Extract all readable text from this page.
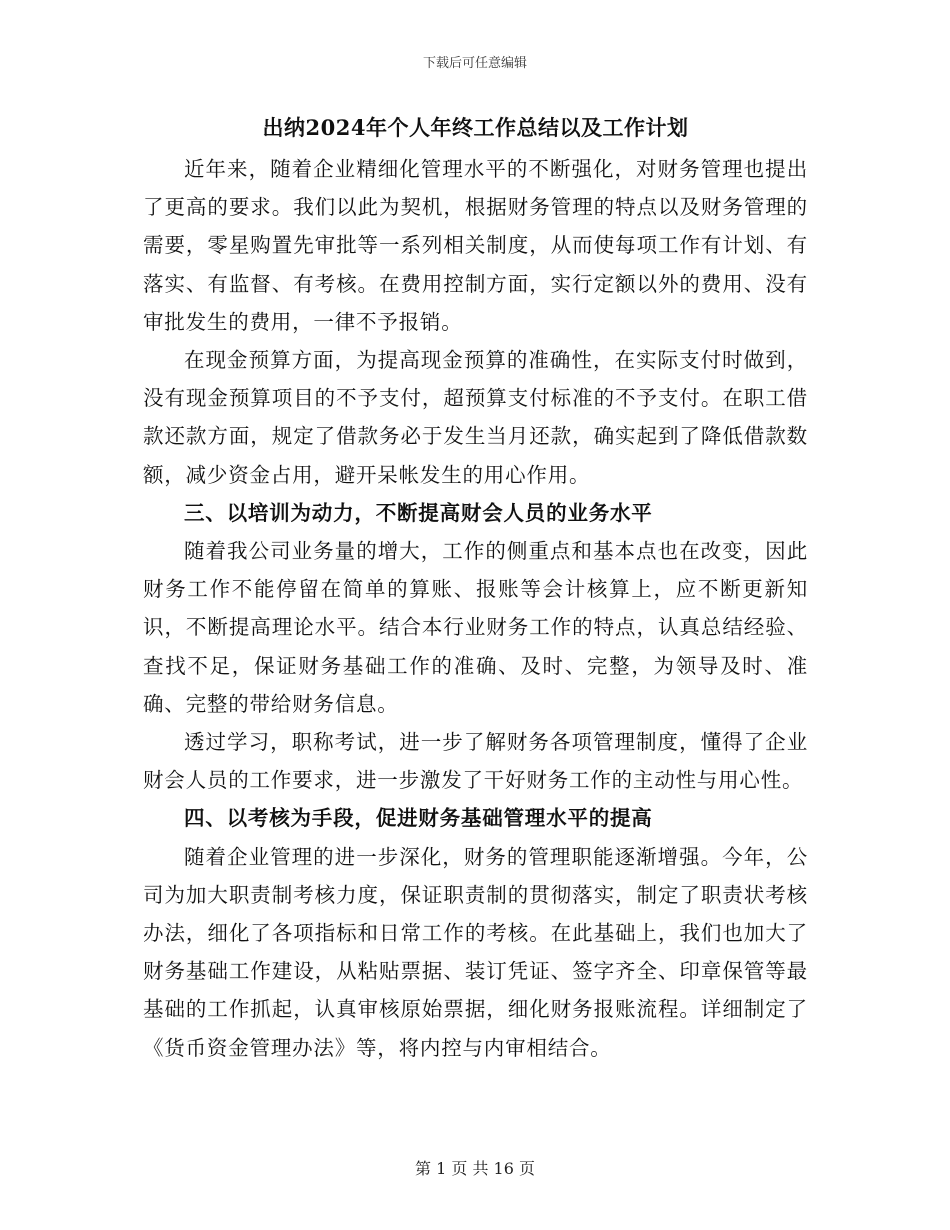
下载后可任意编辑
出纳2024年个人年终工作总结以及工作计划

近年来，随着企业精细化管理水平的不断强化，对财务管理也提出了更高的要求。我们以此为契机，根据财务管理的特点以及财务管理的需要，零星购置先审批等一系列相关制度，从而使每项工作有计划、有落实、有监督、有考核。在费用控制方面，实行定额以外的费用、没有审批发生的费用，一律不予报销。

在现金预算方面，为提高现金预算的准确性，在实际支付时做到，没有现金预算项目的不予支付，超预算支付标准的不予支付。在职工借款还款方面，规定了借款务必于发生当月还款，确实起到了降低借款数额，减少资金占用，避开呆帐发生的用心作用。

三、以培训为动力，不断提高财会人员的业务水平

随着我公司业务量的增大，工作的侧重点和基本点也在改变，因此财务工作不能停留在简单的算账、报账等会计核算上，应不断更新知识，不断提高理论水平。结合本行业财务工作的特点，认真总结经验、查找不足，保证财务基础工作的准确、及时、完整，为领导及时、准确、完整的带给财务信息。

透过学习，职称考试，进一步了解财务各项管理制度，懂得了企业财会人员的工作要求，进一步激发了干好财务工作的主动性与用心性。

四、以考核为手段，促进财务基础管理水平的提高

随着企业管理的进一步深化，财务的管理职能逐渐增强。今年，公司为加大职责制考核力度，保证职责制的贯彻落实，制定了职责状考核办法，细化了各项指标和日常工作的考核。在此基础上，我们也加大了财务基础工作建设，从粘贴票据、装订凭证、签字齐全、印章保管等最基础的工作抓起，认真审核原始票据，细化财务报账流程。详细制定了《货币资金管理办法》等，将内控与内审相结合。

第 1 页 共 16 页
